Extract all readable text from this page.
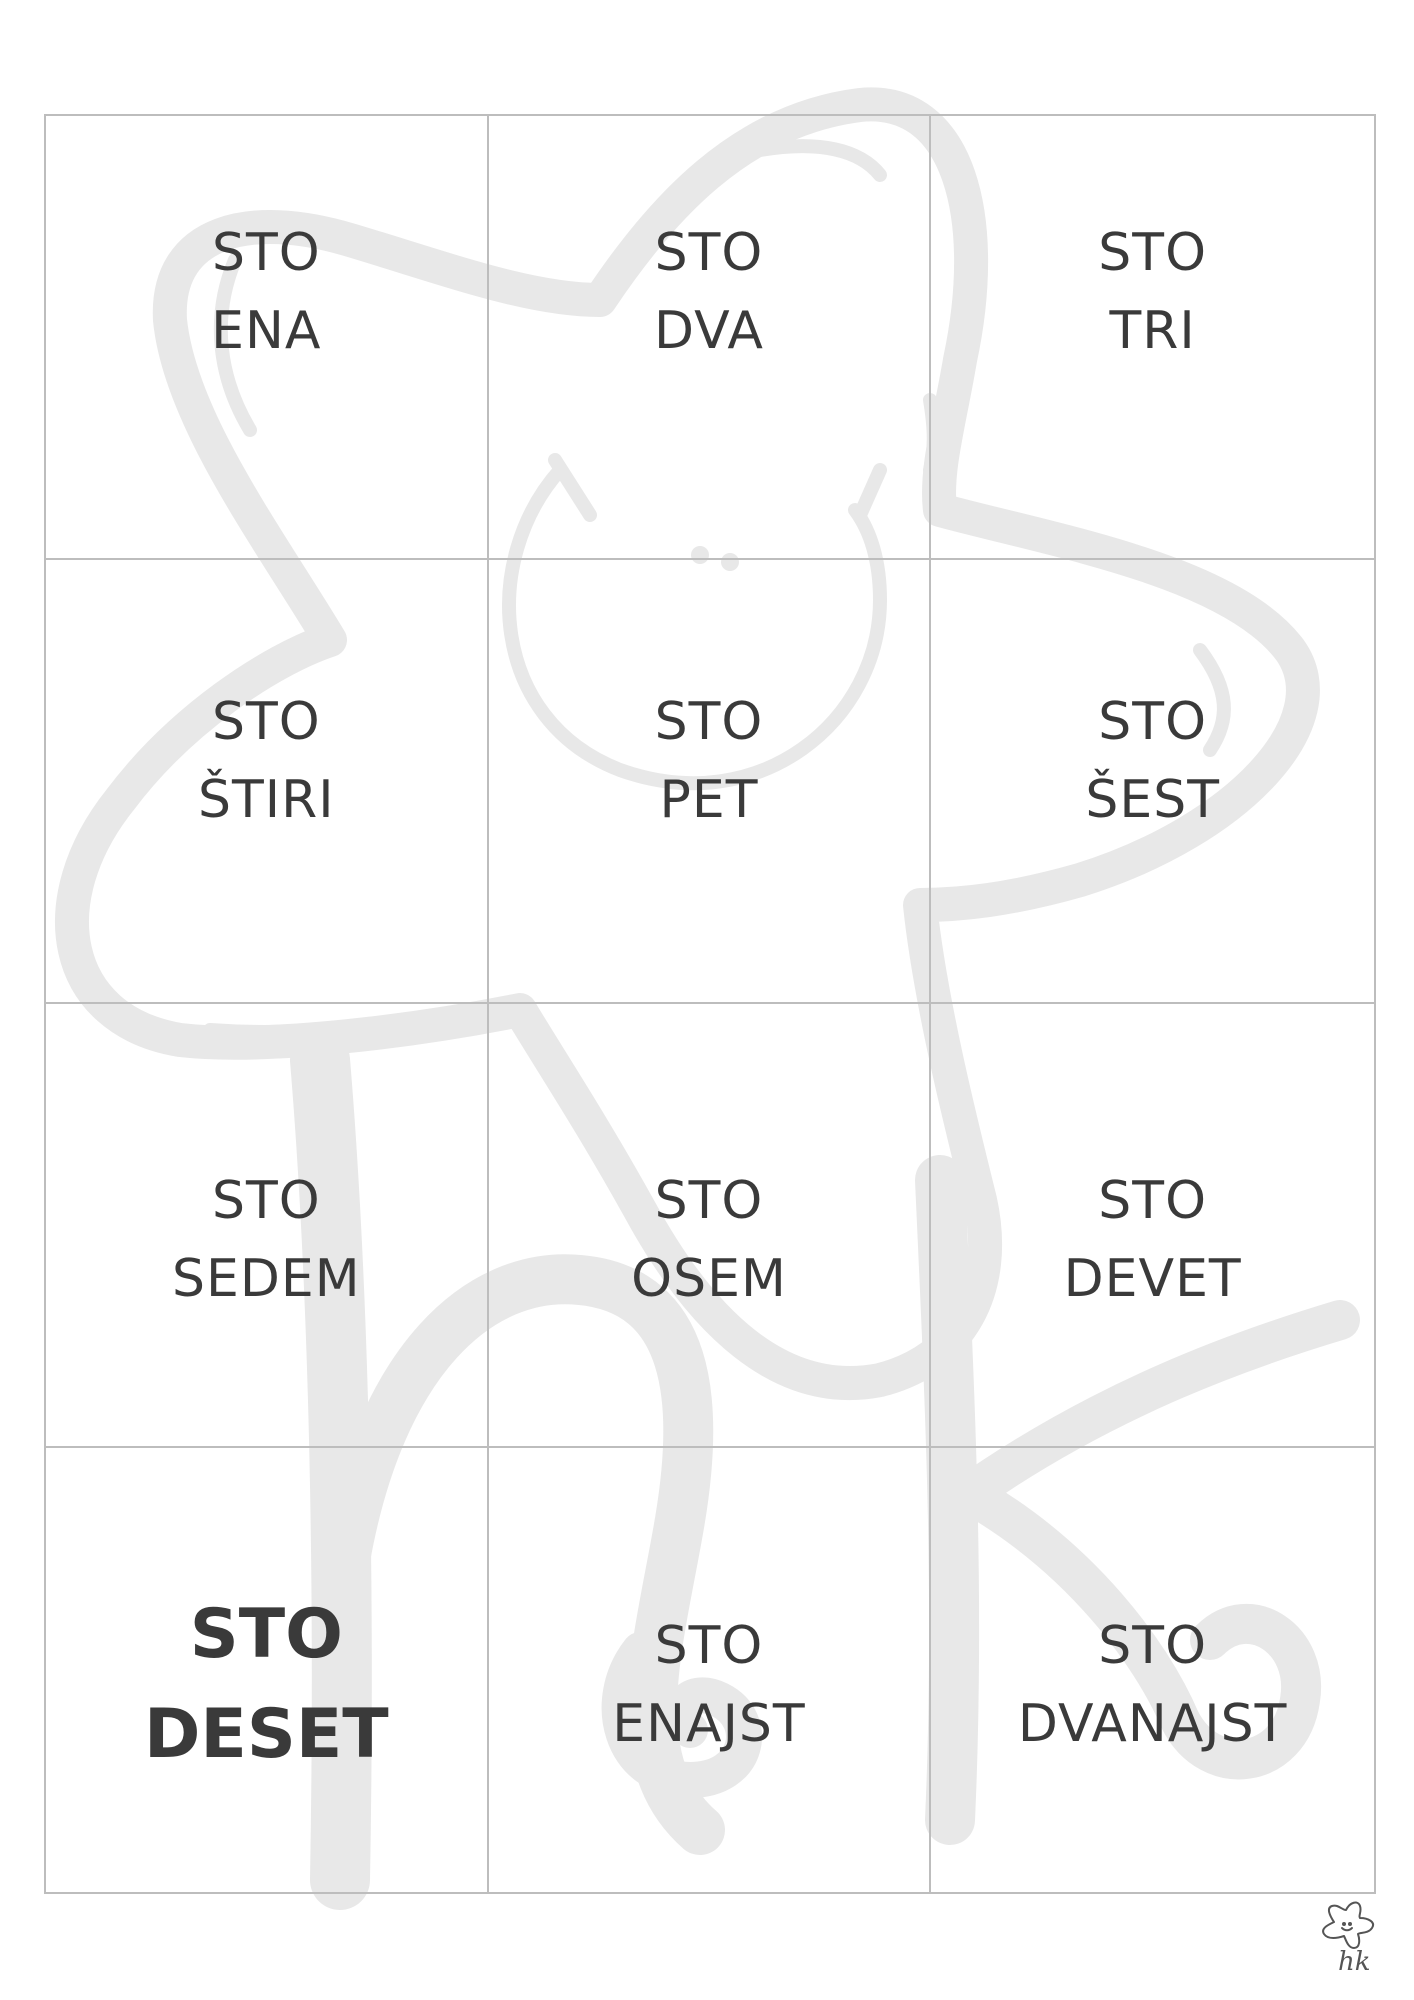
STO
ENA
STO
DVA
STO
TRI
STO
ŠTIRI
STO
PET
STO
ŠEST
STO
SEDEM
STO
OSEM
STO
DEVET
STO
DESET
STO
ENAJST
STO
DVANAJST
hk
